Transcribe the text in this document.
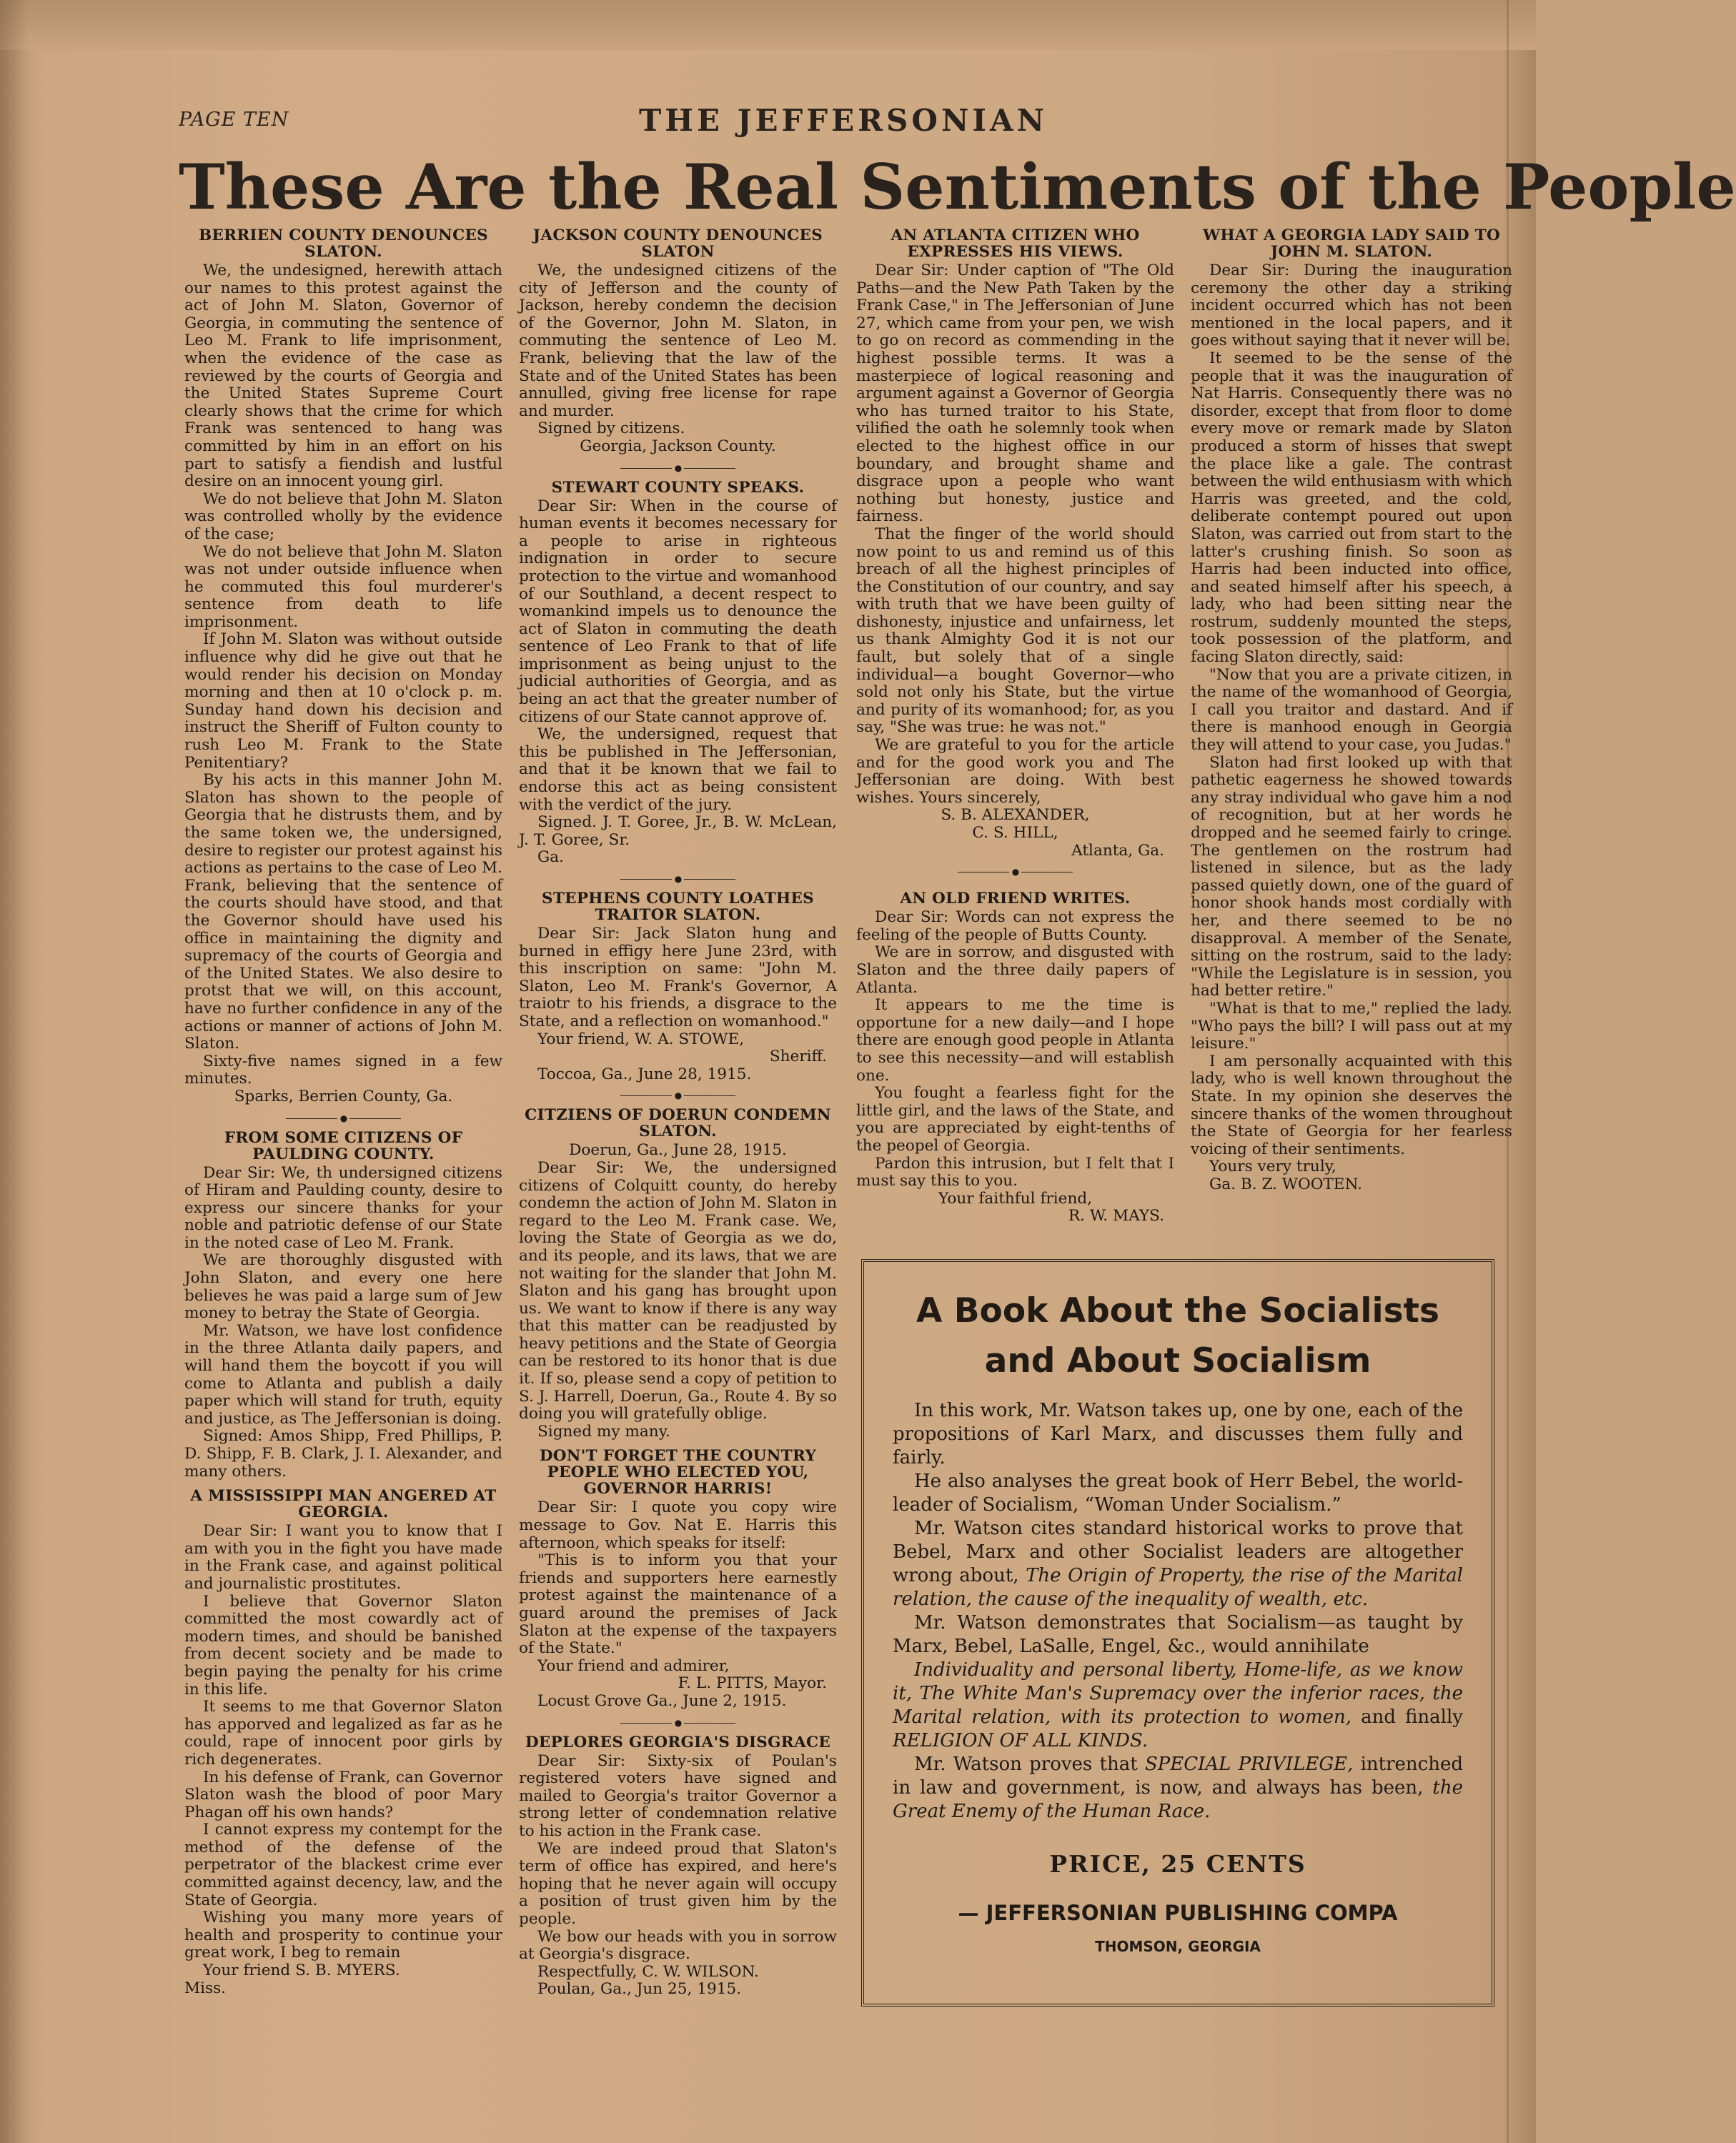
PAGE TEN	THE JEFFERSONIAN
These Are the Real Sentiments of the People
BERRIEN COUNTY DENOUNCES SLATON.

We, the undesigned, herewith attach our names to this protest against the act of John M. Slaton, Governor of Georgia, in commuting the sentence of Leo M. Frank to life imprisonment, when the evidence of the case as reviewed by the courts of Georgia and the United States Supreme Court clearly shows that the crime for which Frank was sentenced to hang was committed by him in an effort on his part to satisfy a fiendish and lustful desire on an innocent young girl.

We do not believe that John M. Slaton was controlled wholly by the evidence of the case;

We do not believe that John M. Slaton was not under outside influence when he commuted this foul murderer's sentence from death to life imprisonment.

If John M. Slaton was without outside influence why did he give out that he would render his decision on Monday morning and then at 10 o'clock p. m. Sunday hand down his decision and instruct the Sheriff of Fulton county to rush Leo M. Frank to the State Penitentiary?

By his acts in this manner John M. Slaton has shown to the people of Georgia that he distrusts them, and by the same token we, the undersigned, desire to register our protest against his actions as pertains to the case of Leo M. Frank, believing that the sentence of the courts should have stood, and that the Governor should have used his office in maintaining the dignity and supremacy of the courts of Georgia and of the United States. We also desire to protst that we will, on this account, have no further confidence in any of the actions or manner of actions of John M. Slaton.

Sixty-five names signed in a few minutes.

Sparks, Berrien County, Ga.

●
FROM SOME CITIZENS OF PAULDING COUNTY.

Dear Sir: We, th undersigned citizens of Hiram and Paulding county, desire to express our sincere thanks for your noble and patriotic defense of our State in the noted case of Leo M. Frank.

We are thoroughly disgusted with John Slaton, and every one here believes he was paid a large sum of Jew money to betray the State of Georgia.

Mr. Watson, we have lost confidence in the three Atlanta daily papers, and will hand them the boycott if you will come to Atlanta and publish a daily paper which will stand for truth, equity and justice, as The Jeffersonian is doing.

Signed: Amos Shipp, Fred Phillips, P. D. Shipp, F. B. Clark, J. I. Alexander, and many others.

A MISSISSIPPI MAN ANGERED AT GEORGIA.

Dear Sir: I want you to know that I am with you in the fight you have made in the Frank case, and against political and journalistic prostitutes.

I believe that Governor Slaton committed the most cowardly act of modern times, and should be banished from decent society and be made to begin paying the penalty for his crime in this life.

It seems to me that Governor Slaton has apporved and legalized as far as he could, rape of innocent poor girls by rich degenerates.

In his defense of Frank, can Governor Slaton wash the blood of poor Mary Phagan off his own hands?

I cannot express my contempt for the method of the defense of the perpetrator of the blackest crime ever committed against decency, law, and the State of Georgia.

Wishing you many more years of health and prosperity to continue your great work, I beg to remain

Your friend S. B. MYERS.

Miss.

JACKSON COUNTY DENOUNCES SLATON

We, the undesigned citizens of the city of Jefferson and the county of Jackson, hereby condemn the decision of the Governor, John M. Slaton, in commuting the sentence of Leo M. Frank, believing that the law of the State and of the United States has been annulled, giving free license for rape and murder.

Signed by citizens.

Georgia, Jackson County.

●
STEWART COUNTY SPEAKS.

Dear Sir: When in the course of human events it becomes necessary for a people to arise in righteous indignation in order to secure protection to the virtue and womanhood of our Southland, a decent respect to womankind impels us to denounce the act of Slaton in commuting the death sentence of Leo Frank to that of life imprisonment as being unjust to the judicial authorities of Georgia, and as being an act that the greater number of citizens of our State cannot approve of.

We, the undersigned, request that this be published in The Jeffersonian, and that it be known that we fail to endorse this act as being consistent with the verdict of the jury.

Signed. J. T. Goree, Jr., B. W. McLean, J. T. Goree, Sr.

Ga.

●
STEPHENS COUNTY LOATHES TRAITOR SLATON.

Dear Sir: Jack Slaton hung and burned in effigy here June 23rd, with this inscription on same: "John M. Slaton, Leo M. Frank's Governor, A traiotr to his friends, a disgrace to the State, and a reflection on womanhood."

Your friend, W. A. STOWE,

Sheriff.

Toccoa, Ga., June 28, 1915.

●
CITZIENS OF DOERUN CONDEMN SLATON.

Doerun, Ga., June 28, 1915.

Dear Sir: We, the undersigned citizens of Colquitt county, do hereby condemn the action of John M. Slaton in regard to the Leo M. Frank case. We, loving the State of Georgia as we do, and its people, and its laws, that we are not waiting for the slander that John M. Slaton and his gang has brought upon us. We want to know if there is any way that this matter can be readjusted by heavy petitions and the State of Georgia can be restored to its honor that is due it. If so, please send a copy of petition to S. J. Harrell, Doerun, Ga., Route 4. By so doing you will gratefully oblige.

Signed my many.

DON'T FORGET THE COUNTRY PEOPLE WHO ELECTED YOU, GOVERNOR HARRIS!

Dear Sir: I quote you copy wire message to Gov. Nat E. Harris this afternoon, which speaks for itself:

"This is to inform you that your friends and supporters here earnestly protest against the maintenance of a guard around the premises of Jack Slaton at the expense of the taxpayers of the State."

Your friend and admirer,

F. L. PITTS, Mayor.

Locust Grove Ga., June 2, 1915.

●
DEPLORES GEORGIA'S DISGRACE

Dear Sir: Sixty-six of Poulan's registered voters have signed and mailed to Georgia's traitor Governor a strong letter of condemnation relative to his action in the Frank case.

We are indeed proud that Slaton's term of office has expired, and here's hoping that he never again will occupy a position of trust given him by the people.

We bow our heads with you in sorrow at Georgia's disgrace.

Respectfully, C. W. WILSON.

Poulan, Ga., Jun 25, 1915.

AN ATLANTA CITIZEN WHO EXPRESSES HIS VIEWS.

Dear Sir: Under caption of "The Old Paths—and the New Path Taken by the Frank Case," in The Jeffersonian of June 27, which came from your pen, we wish to go on record as commending in the highest possible terms. It was a masterpiece of logical reasoning and argument against a Governor of Georgia who has turned traitor to his State, vilified the oath he solemnly took when elected to the highest office in our boundary, and brought shame and disgrace upon a people who want nothing but honesty, justice and fairness.

That the finger of the world should now point to us and remind us of this breach of all the highest principles of the Constitution of our country, and say with truth that we have been guilty of dishonesty, injustice and unfairness, let us thank Almighty God it is not our fault, but solely that of a single individual—a bought Governor—who sold not only his State, but the virtue and purity of its womanhood; for, as you say, "She was true: he was not."

We are grateful to you for the article and for the good work you and The Jeffersonian are doing. With best wishes. Yours sincerely,

S. B. ALEXANDER,

C. S. HILL,

Atlanta, Ga.

●
AN OLD FRIEND WRITES.

Dear Sir: Words can not express the feeling of the people of Butts County.

We are in sorrow, and disgusted with Slaton and the three daily papers of Atlanta.

It appears to me the time is opportune for a new daily—and I hope there are enough good people in Atlanta to see this necessity—and will establish one.

You fought a fearless fight for the little girl, and the laws of the State, and you are appreciated by eight-tenths of the peopel of Georgia.

Pardon this intrusion, but I felt that I must say this to you.

Your faithful friend,

R. W. MAYS.

WHAT A GEORGIA LADY SAID TO JOHN M. SLATON.

Dear Sir: During the inauguration ceremony the other day a striking incident occurred which has not been mentioned in the local papers, and it goes without saying that it never will be.

It seemed to be the sense of the people that it was the inauguration of Nat Harris. Consequently there was no disorder, except that from floor to dome every move or remark made by Slaton produced a storm of hisses that swept the place like a gale. The contrast between the wild enthusiasm with which Harris was greeted, and the cold, deliberate contempt poured out upon Slaton, was carried out from start to the latter's crushing finish. So soon as Harris had been inducted into office, and seated himself after his speech, a lady, who had been sitting near the rostrum, suddenly mounted the steps, took possession of the platform, and facing Slaton directly, said:

"Now that you are a private citizen, in the name of the womanhood of Georgia, I call you traitor and dastard. And if there is manhood enough in Georgia they will attend to your case, you Judas."

Slaton had first looked up with that pathetic eagerness he showed towards any stray individual who gave him a nod of recognition, but at her words he dropped and he seemed fairly to cringe. The gentlemen on the rostrum had listened in silence, but as the lady passed quietly down, one of the guard of honor shook hands most cordially with her, and there seemed to be no disapproval. A member of the Senate, sitting on the rostrum, said to the lady: "While the Legislature is in session, you had better retire."

"What is that to me," replied the lady. "Who pays the bill? I will pass out at my leisure."

I am personally acquainted with this lady, who is well known throughout the State. In my opinion she deserves the sincere thanks of the women throughout the State of Georgia for her fearless voicing of their sentiments.

Yours very truly,

Ga. B. Z. WOOTEN.

A Book About the Socialists
and About Socialism

In this work, Mr. Watson takes up, one by one, each of the propositions of Karl Marx, and discusses them fully and fairly.

He also analyses the great book of Herr Bebel, the world-leader of Socialism, “Woman Under Socialism.”

Mr. Watson cites standard historical works to prove that Bebel, Marx and other Socialist leaders are altogether wrong about, The Origin of Property, the rise of the Marital relation, the cause of the inequality of wealth, etc.

Mr. Watson demonstrates that Socialism—as taught by Marx, Bebel, LaSalle, Engel, &c., would annihilate

Individuality and personal liberty, Home-life, as we know it, The White Man's Supremacy over the inferior races, the Marital relation, with its protection to women, and finally RELIGION OF ALL KINDS.

Mr. Watson proves that SPECIAL PRIVILEGE, intrenched in law and government, is now, and always has been, the Great Enemy of the Human Race.

PRICE, 25 CENTS

— JEFFERSONIAN PUBLISHING COMPA

THOMSON, GEORGIA
